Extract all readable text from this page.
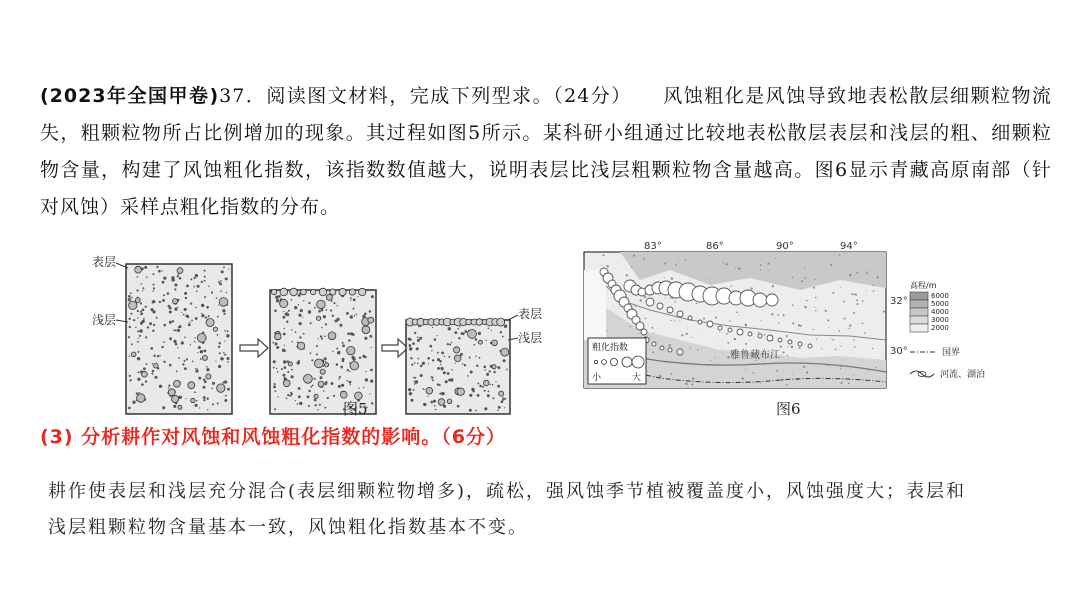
(2023年全国甲卷)37．阅读图文材料，完成下列型求。（24分）　　风蚀粗化是风蚀导致地表松散层细颗粒物流失，粗颗粒物所占比例增加的现象。其过程如图5所示。某科研小组通过比较地表松散层表层和浅层的粗、细颗粒物含量，构建了风蚀粗化指数，该指数数值越大，说明表层比浅层粗颗粒物含量越高。图6显示青藏高原南部（针对风蚀）采样点粗化指数的分布。
表层
浅层	表层
浅层
图5
83°	86°	90°	94°
32°
30°
雅鲁藏布江
粗化指数
小	大
高程/m
6000
5000
4000
3000
2000
国界
河流、湖泊
图6
(3) 分析耕作对风蚀和风蚀粗化指数的影响。（6分）
耕作使表层和浅层充分混合(表层细颗粒物增多)，疏松，强风蚀季节植被覆盖度小，风蚀强度大；表层和浅层粗颗粒物含量基本一致，风蚀粗化指数基本不变。
